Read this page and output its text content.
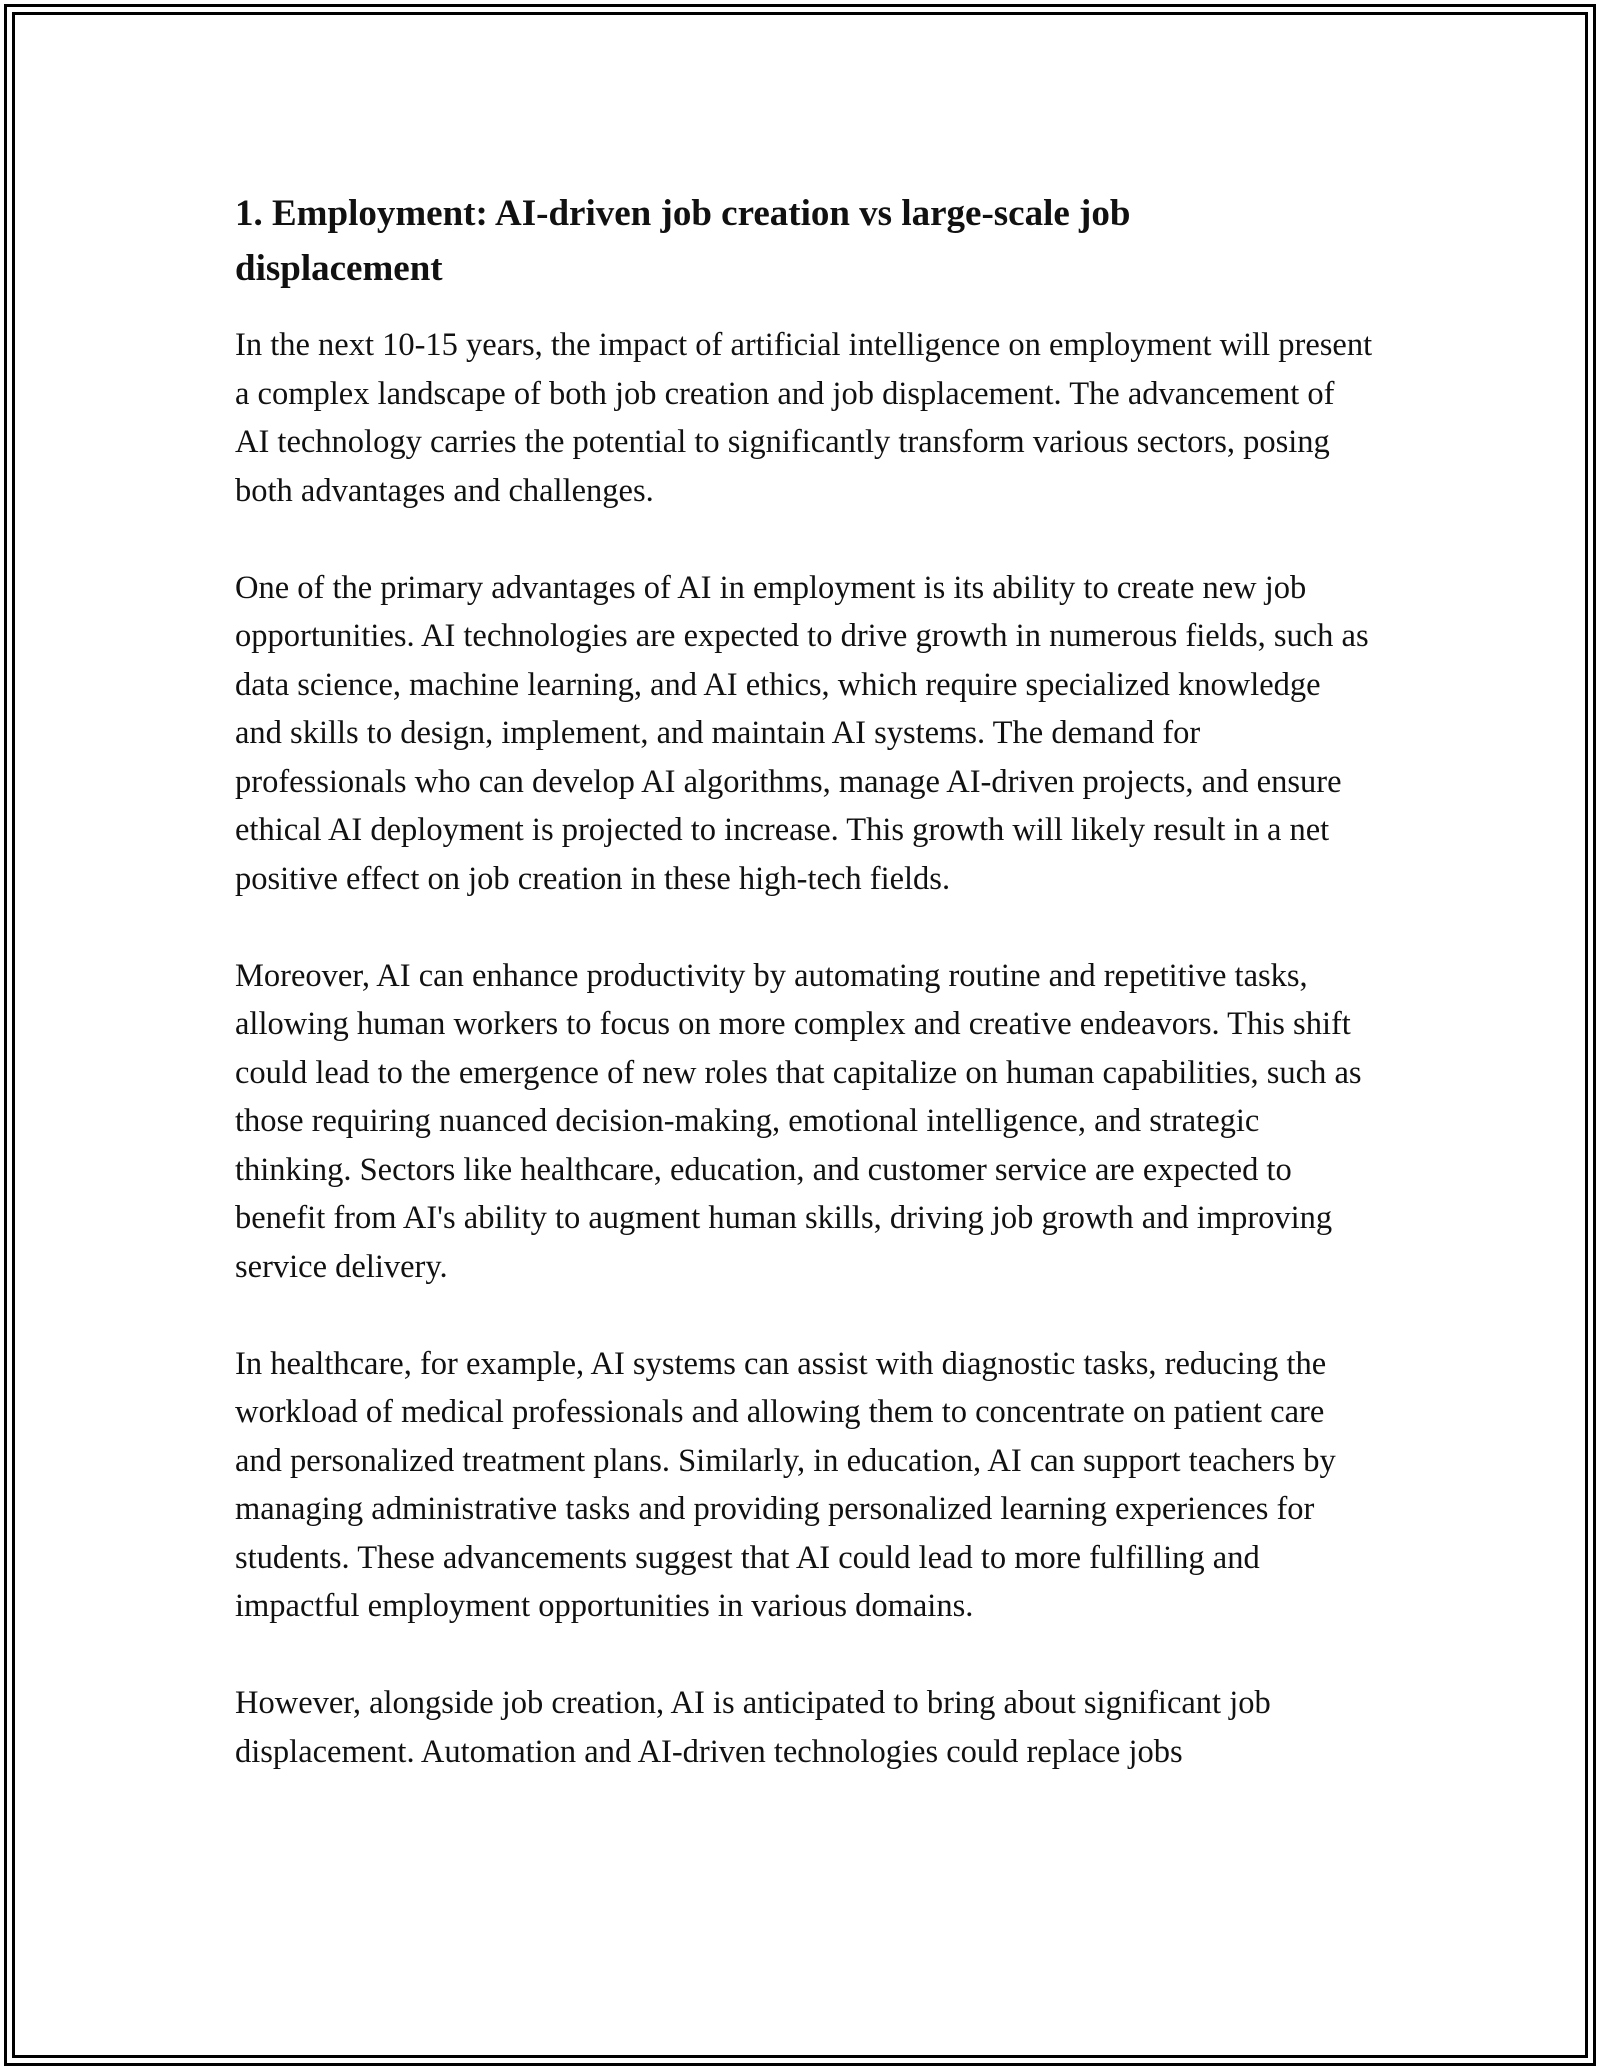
1. Employment: AI-driven job creation vs large-scale job displacement

In the next 10-15 years, the impact of artificial intelligence on employment will present a complex landscape of both job creation and job displacement. The advancement of AI technology carries the potential to significantly transform various sectors, posing both advantages and challenges.

One of the primary advantages of AI in employment is its ability to create new job opportunities. AI technologies are expected to drive growth in numerous fields, such as data science, machine learning, and AI ethics, which require specialized knowledge and skills to design, implement, and maintain AI systems. The demand for professionals who can develop AI algorithms, manage AI-driven projects, and ensure ethical AI deployment is projected to increase. This growth will likely result in a net positive effect on job creation in these high-tech fields.

Moreover, AI can enhance productivity by automating routine and repetitive tasks, allowing human workers to focus on more complex and creative endeavors. This shift could lead to the emergence of new roles that capitalize on human capabilities, such as those requiring nuanced decision-making, emotional intelligence, and strategic thinking. Sectors like healthcare, education, and customer service are expected to benefit from AI's ability to augment human skills, driving job growth and improving service delivery.

In healthcare, for example, AI systems can assist with diagnostic tasks, reducing the workload of medical professionals and allowing them to concentrate on patient care and personalized treatment plans. Similarly, in education, AI can support teachers by managing administrative tasks and providing personalized learning experiences for students. These advancements suggest that AI could lead to more fulfilling and impactful employment opportunities in various domains.

However, alongside job creation, AI is anticipated to bring about significant job displacement. Automation and AI-driven technologies could replace jobs
